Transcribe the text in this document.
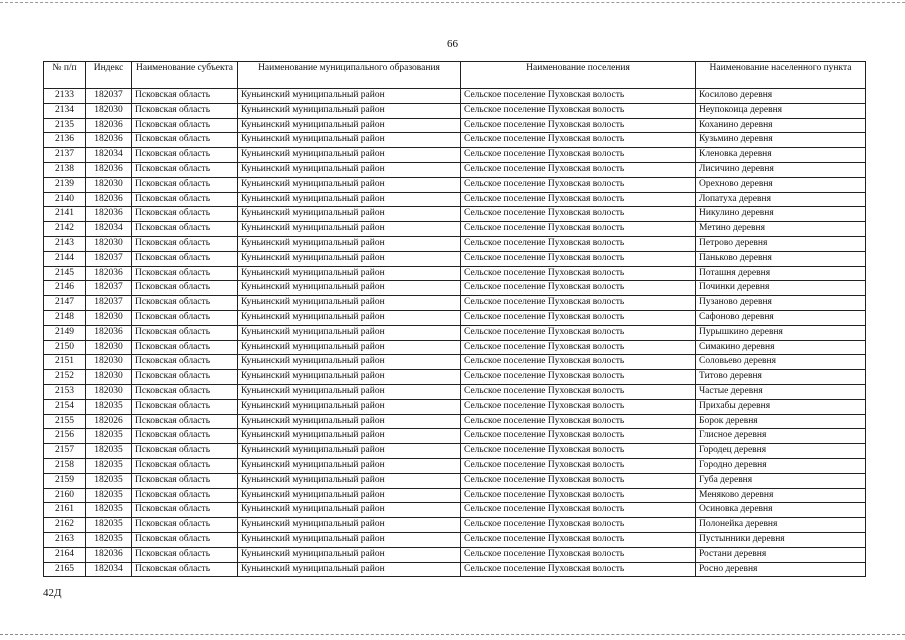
66
№ п/п	Индекс	Наименование субъекта	Наименование муниципального образования	Наименование поселения	Наименование населенного пункта
2133	182037	Псковская область	Куньинский муниципальный район	Сельское поселение Пуховская волость	Косилово деревня
2134	182030	Псковская область	Куньинский муниципальный район	Сельское поселение Пуховская волость	Неупокоица деревня
2135	182036	Псковская область	Куньинский муниципальный район	Сельское поселение Пуховская волость	Коханино деревня
2136	182036	Псковская область	Куньинский муниципальный район	Сельское поселение Пуховская волость	Кузьмино деревня
2137	182034	Псковская область	Куньинский муниципальный район	Сельское поселение Пуховская волость	Кленовка деревня
2138	182036	Псковская область	Куньинский муниципальный район	Сельское поселение Пуховская волость	Лисичино деревня
2139	182030	Псковская область	Куньинский муниципальный район	Сельское поселение Пуховская волость	Орехново деревня
2140	182036	Псковская область	Куньинский муниципальный район	Сельское поселение Пуховская волость	Лопатуха деревня
2141	182036	Псковская область	Куньинский муниципальный район	Сельское поселение Пуховская волость	Никулино деревня
2142	182034	Псковская область	Куньинский муниципальный район	Сельское поселение Пуховская волость	Метино деревня
2143	182030	Псковская область	Куньинский муниципальный район	Сельское поселение Пуховская волость	Петрово деревня
2144	182037	Псковская область	Куньинский муниципальный район	Сельское поселение Пуховская волость	Паньково деревня
2145	182036	Псковская область	Куньинский муниципальный район	Сельское поселение Пуховская волость	Поташня деревня
2146	182037	Псковская область	Куньинский муниципальный район	Сельское поселение Пуховская волость	Починки деревня
2147	182037	Псковская область	Куньинский муниципальный район	Сельское поселение Пуховская волость	Пузаново деревня
2148	182030	Псковская область	Куньинский муниципальный район	Сельское поселение Пуховская волость	Сафоново деревня
2149	182036	Псковская область	Куньинский муниципальный район	Сельское поселение Пуховская волость	Пурышкино деревня
2150	182030	Псковская область	Куньинский муниципальный район	Сельское поселение Пуховская волость	Симакино деревня
2151	182030	Псковская область	Куньинский муниципальный район	Сельское поселение Пуховская волость	Соловьево деревня
2152	182030	Псковская область	Куньинский муниципальный район	Сельское поселение Пуховская волость	Титово деревня
2153	182030	Псковская область	Куньинский муниципальный район	Сельское поселение Пуховская волость	Частые деревня
2154	182035	Псковская область	Куньинский муниципальный район	Сельское поселение Пуховская волость	Прихабы деревня
2155	182026	Псковская область	Куньинский муниципальный район	Сельское поселение Пуховская волость	Борок деревня
2156	182035	Псковская область	Куньинский муниципальный район	Сельское поселение Пуховская волость	Глисное деревня
2157	182035	Псковская область	Куньинский муниципальный район	Сельское поселение Пуховская волость	Городец деревня
2158	182035	Псковская область	Куньинский муниципальный район	Сельское поселение Пуховская волость	Городно деревня
2159	182035	Псковская область	Куньинский муниципальный район	Сельское поселение Пуховская волость	Губа деревня
2160	182035	Псковская область	Куньинский муниципальный район	Сельское поселение Пуховская волость	Меняково деревня
2161	182035	Псковская область	Куньинский муниципальный район	Сельское поселение Пуховская волость	Осиновка деревня
2162	182035	Псковская область	Куньинский муниципальный район	Сельское поселение Пуховская волость	Полонейка деревня
2163	182035	Псковская область	Куньинский муниципальный район	Сельское поселение Пуховская волость	Пустынники деревня
2164	182036	Псковская область	Куньинский муниципальный район	Сельское поселение Пуховская волость	Ростани деревня
2165	182034	Псковская область	Куньинский муниципальный район	Сельское поселение Пуховская волость	Росно деревня
42Д
